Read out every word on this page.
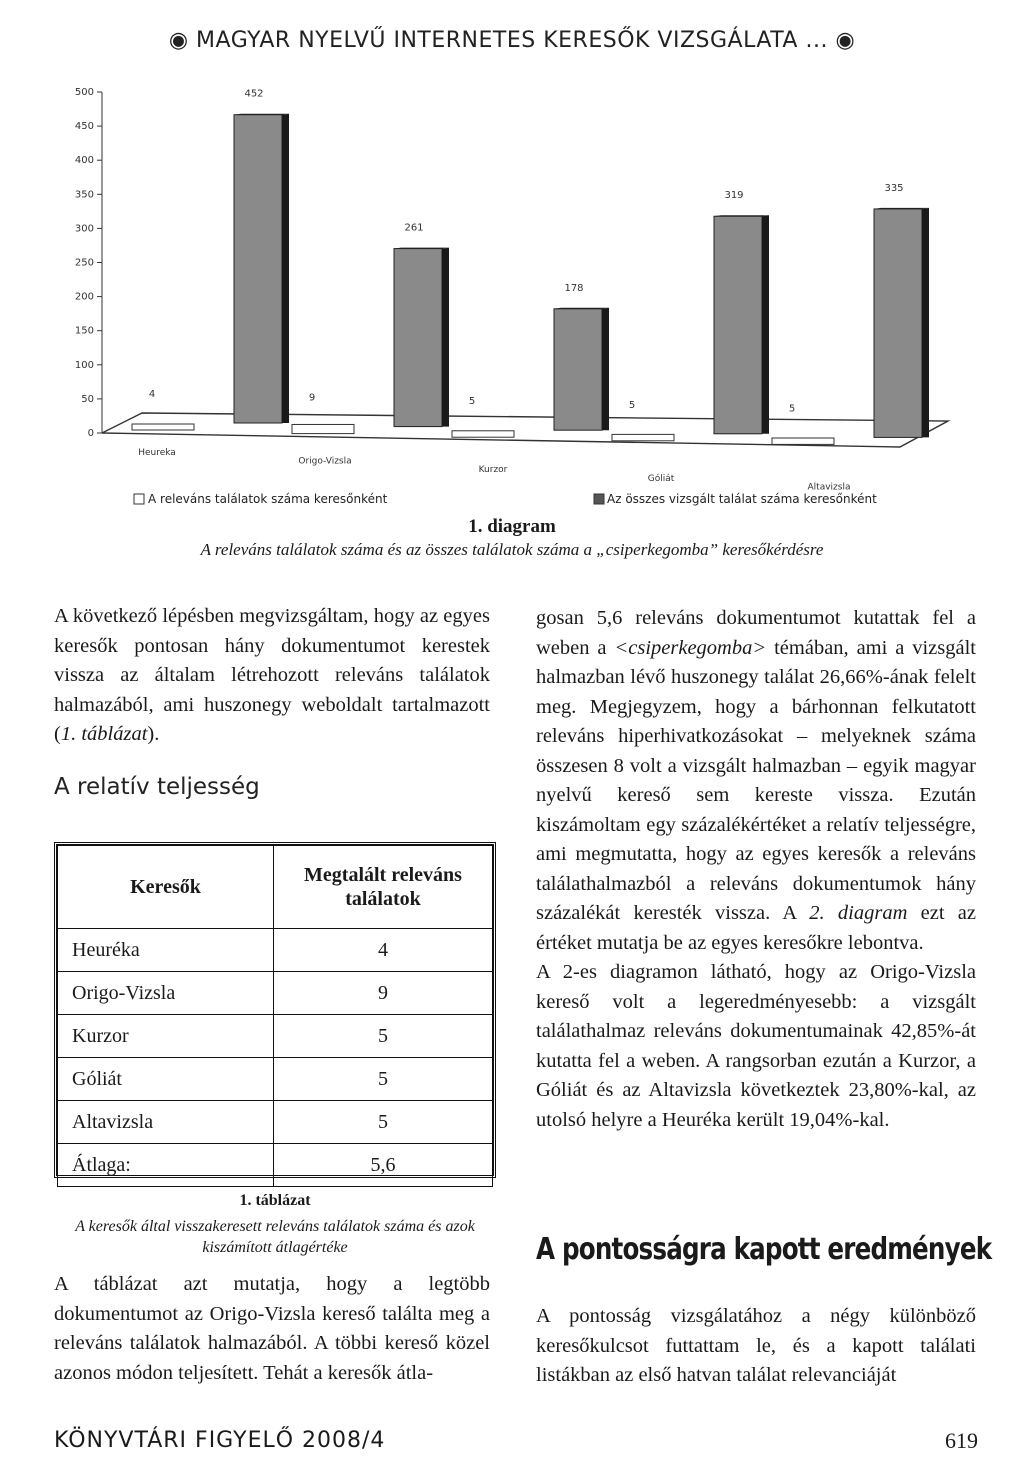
◉ MAGYAR NYELVŰ INTERNETES KERESŐK VIZSGÁLATA ... ◉
0
50
100
150
200
250
300
350
400
450
500
4
452
Heureka
9
261
Origo-Vizsla
5
178
Kurzor
5
319
Góliát
5
335
Altavizsla
A releváns találatok száma keresőnként	Az összes vizsgált találat száma keresőnként
1. diagram
A releváns találatok száma és az összes találatok száma a „csiperkegomba” keresőkérdésre
A következő lépésben megvizsgáltam, hogy az egyes keresők pontosan hány dokumentumot kerestek vissza az általam létrehozott releváns találatok halmazából, ami huszonegy weboldalt tartalmazott (1. táblázat).
A relatív teljesség
Keresők	Megtalált releváns találatok
Heuréka	4
Origo-Vizsla	9
Kurzor	5
Góliát	5
Altavizsla	5
Átlaga:	5,6
1. táblázat
A keresők által visszakeresett releváns találatok száma és azok kiszámított átlagértéke
A táblázat azt mutatja, hogy a legtöbb dokumentumot az Origo-Vizsla kereső találta meg a releváns találatok halmazából. A többi kereső közel azonos módon teljesített. Tehát a keresők átla-
gosan 5,6 releváns dokumentumot kutattak fel a weben a <csiperkegomba> témában, ami a vizsgált halmazban lévő huszonegy találat 26,66%-ának felelt meg. Megjegyzem, hogy a bárhonnan felkutatott releváns hiperhivatkozásokat – melyeknek száma összesen 8 volt a vizsgált halmazban – egyik magyar nyelvű kereső sem kereste vissza. Ezután kiszámoltam egy százalékértéket a relatív teljességre, ami megmutatta, hogy az egyes keresők a releváns találathalmazból a releváns dokumentumok hány százalékát keresték vissza. A 2. diagram ezt az értéket mutatja be az egyes keresőkre lebontva.
A 2-es diagramon látható, hogy az Origo-Vizsla kereső volt a legeredményesebb: a vizsgált találathalmaz releváns dokumentumainak 42,85%-át kutatta fel a weben. A rangsorban ezután a Kurzor, a Góliát és az Altavizsla következtek 23,80%-kal, az utolsó helyre a Heuréka került 19,04%-kal.
A pontosságra kapott eredmények
A pontosság vizsgálatához a négy különböző keresőkulcsot futtattam le, és a kapott találati listákban az első hatvan találat relevanciáját
KÖNYVTÁRI FIGYELŐ 2008/4	619
